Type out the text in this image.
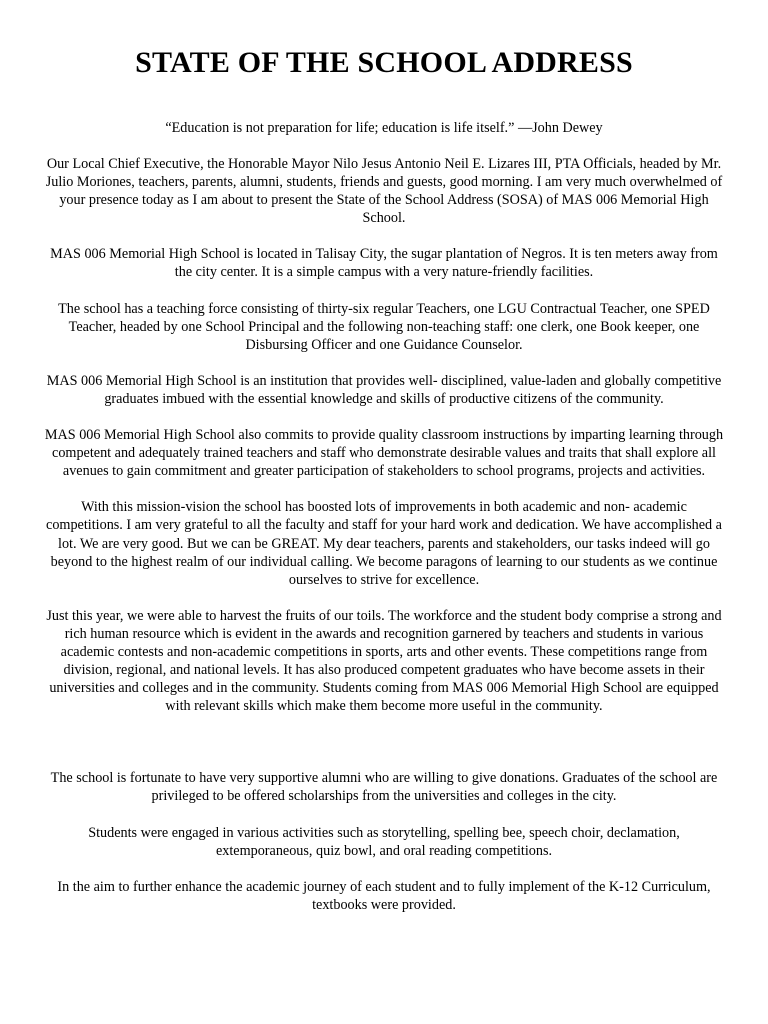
STATE OF THE SCHOOL ADDRESS

“Education is not preparation for life; education is life itself.” —John Dewey

Our Local Chief Executive, the Honorable Mayor Nilo Jesus Antonio Neil E. Lizares III, PTA Officials, headed by Mr. Julio Moriones, teachers, parents, alumni, students, friends and guests, good morning. I am very much overwhelmed of your presence today as I am about to present the State of the School Address (SOSA) of MAS 006 Memorial High School.

MAS 006 Memorial High School is located in Talisay City, the sugar plantation of Negros. It is ten meters away from the city center. It is a simple campus with a very nature-friendly facilities.

The school has a teaching force consisting of thirty-six regular Teachers, one LGU Contractual Teacher, one SPED Teacher, headed by one School Principal and the following non-teaching staff: one clerk, one Book keeper, one Disbursing Officer and one Guidance Counselor.

MAS 006 Memorial High School is an institution that provides well- disciplined, value-laden and globally competitive graduates imbued with the essential knowledge and skills of productive citizens of the community.

MAS 006 Memorial High School also commits to provide quality classroom instructions by imparting learning through competent and adequately trained teachers and staff who demonstrate desirable values and traits that shall explore all avenues to gain commitment and greater participation of stakeholders to school programs, projects and activities.

With this mission-vision the school has boosted lots of improvements in both academic and non- academic competitions. I am very grateful to all the faculty and staff for your hard work and dedication. We have accomplished a lot. We are very good. But we can be GREAT. My dear teachers, parents and stakeholders, our tasks indeed will go beyond to the highest realm of our individual calling. We become paragons of learning to our students as we continue ourselves to strive for excellence.

Just this year, we were able to harvest the fruits of our toils. The workforce and the student body comprise a strong and rich human resource which is evident in the awards and recognition garnered by teachers and students in various academic contests and non-academic competitions in sports, arts and other events. These competitions range from division, regional, and national levels. It has also produced competent graduates who have become assets in their universities and colleges and in the community. Students coming from MAS 006 Memorial High School are equipped with relevant skills which make them become more useful in the community.

The school is fortunate to have very supportive alumni who are willing to give donations. Graduates of the school are privileged to be offered scholarships from the universities and colleges in the city.

Students were engaged in various activities such as storytelling, spelling bee, speech choir, declamation, extemporaneous, quiz bowl, and oral reading competitions.

In the aim to further enhance the academic journey of each student and to fully implement of the K-12 Curriculum, textbooks were provided.
